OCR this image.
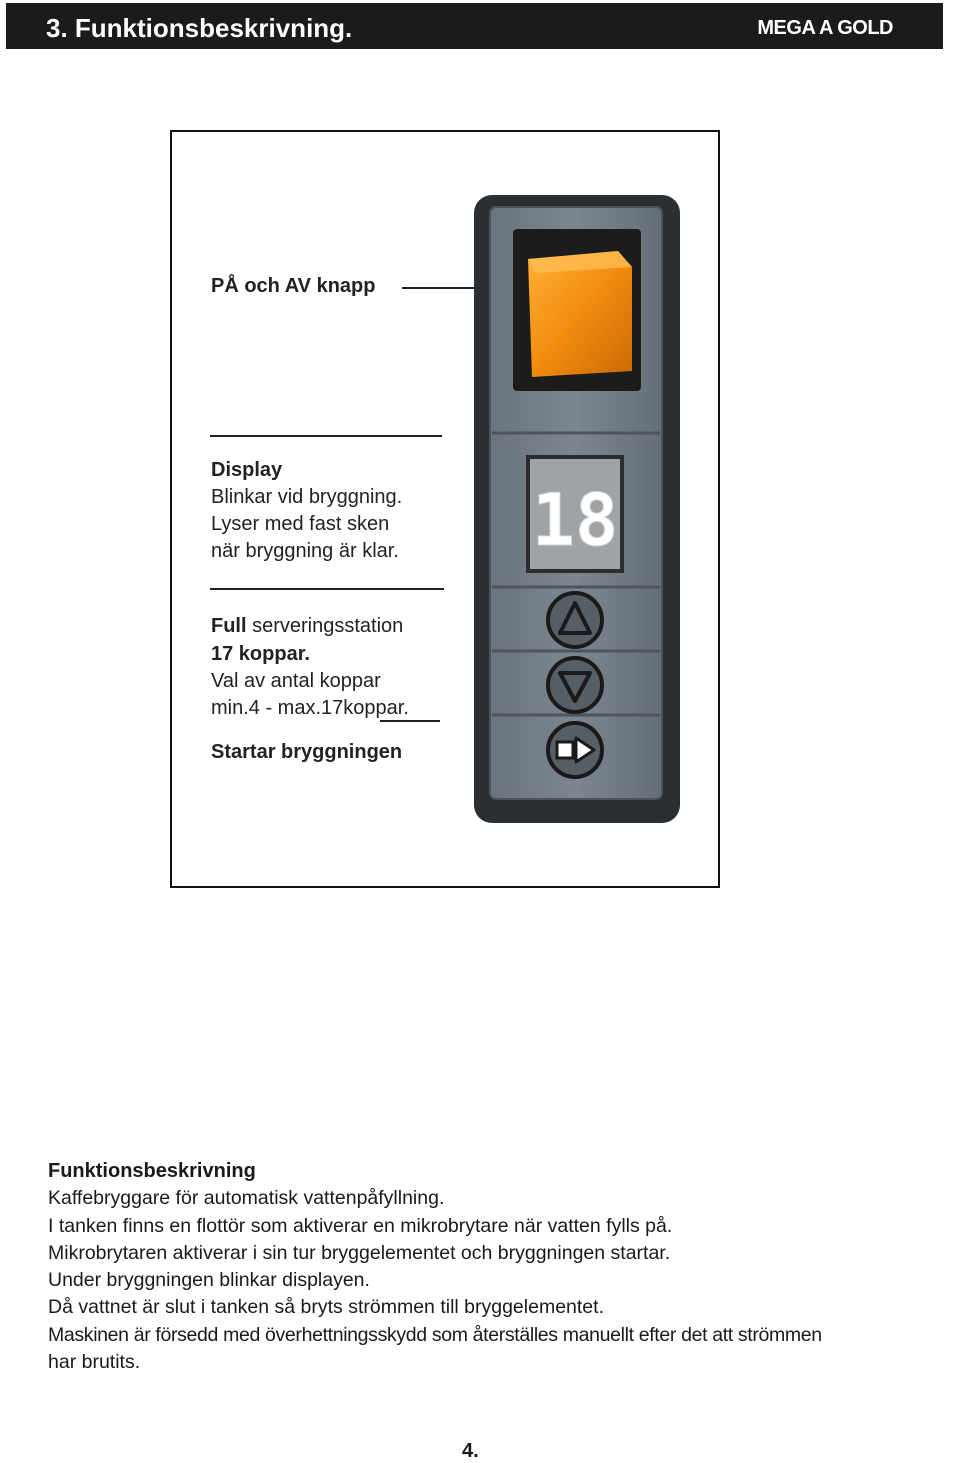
3. Funktionsbeskrivning.	MEGA A GOLD
PÅ och AV knapp
Display
Blinkar vid bryggning.
Lyser med fast sken
när bryggning är klar.
Full serveringsstation
17 koppar.
Val av antal koppar
min.4 - max.17koppar.
Startar bryggningen
18

Funktionsbeskrivning

Kaffebryggare för automatisk vattenpåfyllning.

I tanken finns en flottör som aktiverar en mikrobrytare när vatten fylls på.

Mikrobrytaren aktiverar i sin tur bryggelementet och bryggningen startar.

Under bryggningen blinkar displayen.

Då vattnet är slut i tanken så bryts strömmen till bryggelementet.

Maskinen är försedd med överhettningsskydd som återställes manuellt efter det att strömmen

har brutits.

4.
